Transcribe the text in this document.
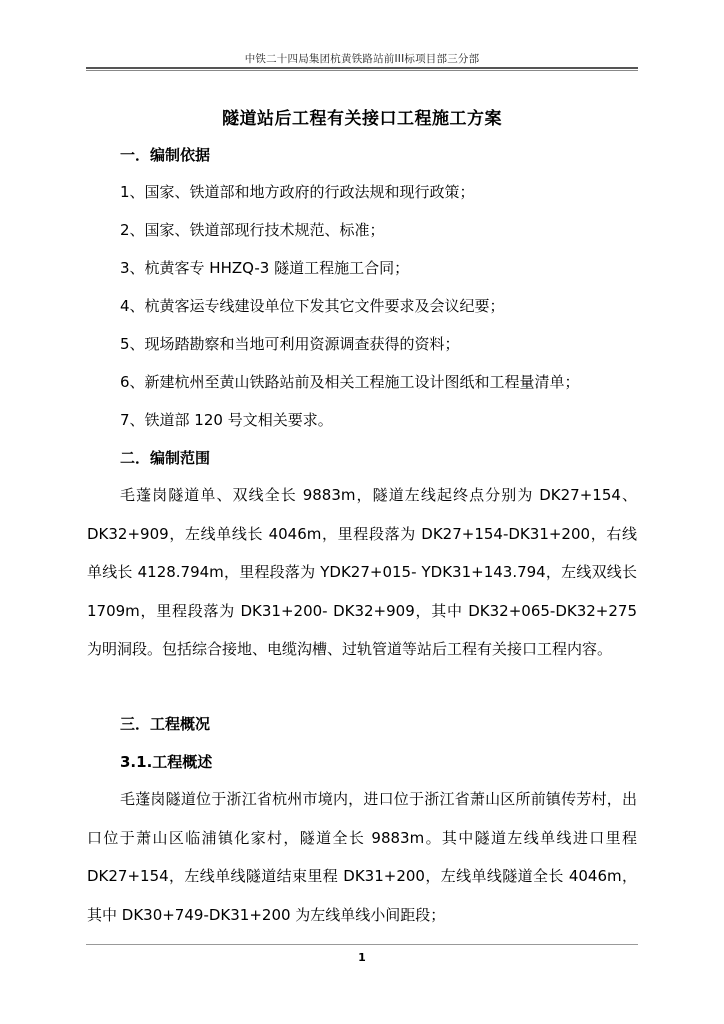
中铁二十四局集团杭黄铁路站前III标项目部三分部
隧道站后工程有关接口工程施工方案
一．编制依据
1、国家、铁道部和地方政府的行政法规和现行政策；
2、国家、铁道部现行技术规范、标准；
3、杭黄客专 HHZQ-3 隧道工程施工合同；
4、杭黄客运专线建设单位下发其它文件要求及会议纪要；
5、现场踏勘察和当地可利用资源调查获得的资料；
6、新建杭州至黄山铁路站前及相关工程施工设计图纸和工程量清单；
7、铁道部 120 号文相关要求。
二．编制范围

毛蓬岗隧道单、双线全长 9883m，隧道左线起终点分别为 DK27+154、DK32+909，左线单线长 4046m，里程段落为 DK27+154-DK31+200，右线单线长 4128.794m，里程段落为 YDK27+015- YDK31+143.794，左线双线长 1709m，里程段落为 DK31+200- DK32+909，其中 DK32+065-DK32+275 为明洞段。包括综合接地、电缆沟槽、过轨管道等站后工程有关接口工程内容。

三．工程概况
3.1.工程概述

毛蓬岗隧道位于浙江省杭州市境内，进口位于浙江省萧山区所前镇传芳村，出口位于萧山区临浦镇化家村，隧道全长 9883m。其中隧道左线单线进口里程 DK27+154，左线单线隧道结束里程 DK31+200，左线单线隧道全长 4046m，其中 DK30+749-DK31+200 为左线单线小间距段；

1
